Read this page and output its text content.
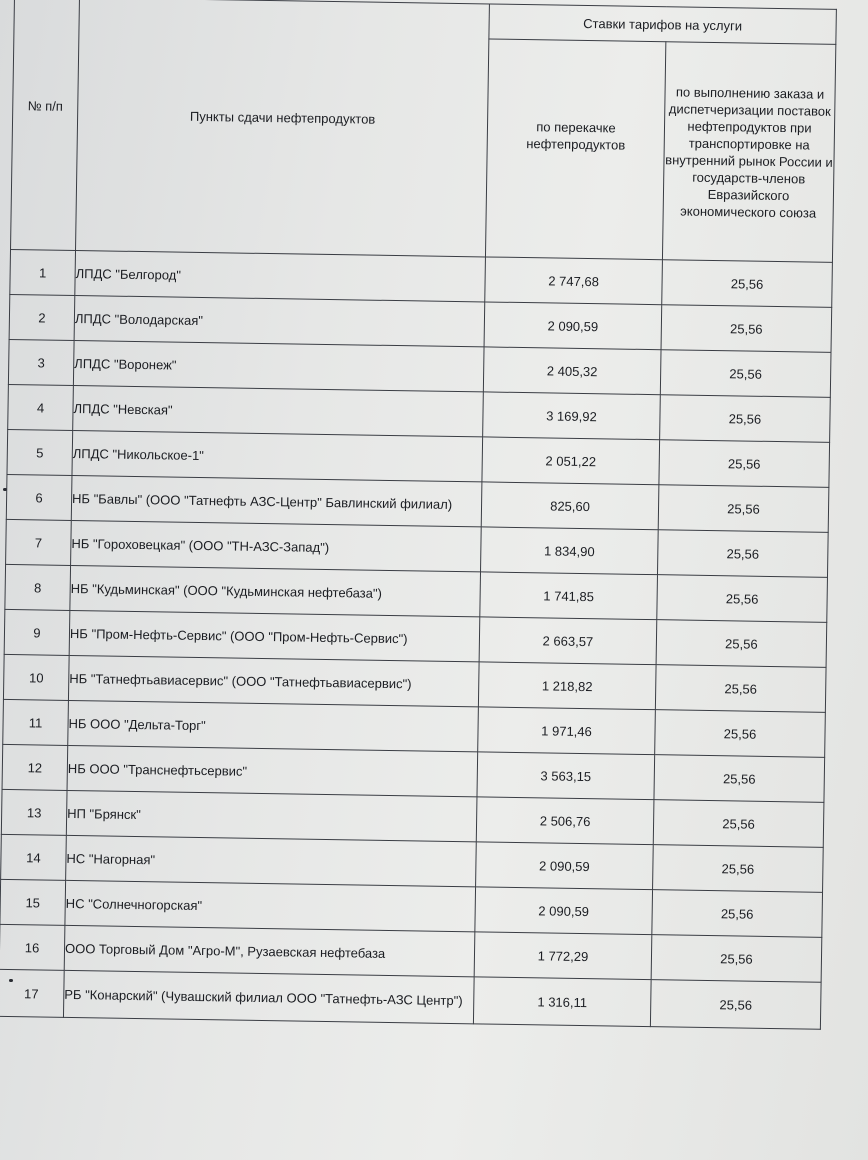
№ п/п	Пункты сдачи нефтепродуктов	Ставки тарифов на услуги	
		по перекачке нефтепродуктов	по выполнению заказа и диспетчеризации поставок нефтепродуктов при транспортировке на внутренний рынок России и государств-членов Евразийского экономического союза
1	ЛПДС "Белгород"	2 747,68	25,56
2	ЛПДС "Володарская"	2 090,59	25,56
3	ЛПДС "Воронеж"	2 405,32	25,56
4	ЛПДС "Невская"	3 169,92	25,56
5	ЛПДС "Никольское-1"	2 051,22	25,56
6	НБ "Бавлы" (ООО "Татнефть АЗС-Центр" Бавлинский филиал)	825,60	25,56
7	НБ "Гороховецкая" (ООО "ТН-АЗС-Запад")	1 834,90	25,56
8	НБ "Кудьминская" (ООО "Кудьминская нефтебаза")	1 741,85	25,56
9	НБ "Пром-Нефть-Сервис" (ООО "Пром-Нефть-Сервис")	2 663,57	25,56
10	НБ "Татнефтьавиасервис" (ООО "Татнефтьавиасервис")	1 218,82	25,56
11	НБ ООО "Дельта-Торг"	1 971,46	25,56
12	НБ ООО "Транснефтьсервис"	3 563,15	25,56
13	НП "Брянск"	2 506,76	25,56
14	НС "Нагорная"	2 090,59	25,56
15	НС "Солнечногорская"	2 090,59	25,56
16	ООО Торговый Дом "Агро-М", Рузаевская нефтебаза	1 772,29	25,56
17	РБ "Конарский" (Чувашский филиал ООО "Татнефть-АЗС Центр")	1 316,11	25,56
